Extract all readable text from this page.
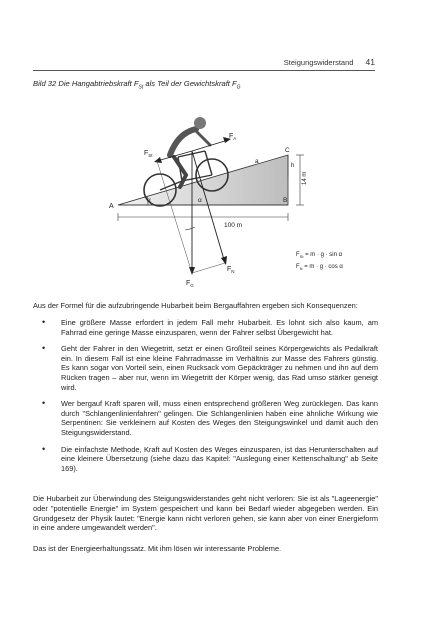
Steigungswiderstand 41
Bild 32 Die Hangabtriebskraft $F_{St}$ als Teil der Gewichtskraft $F_G$
A
B
C
α	α
a
h
14 m
100 m
$F_A$
$F_{St}$
$F_N$
$F_G$
$F_{St} = m \cdot g \cdot \sin \alpha$
$F_N = m \cdot g \cdot \cos \alpha$

Aus der Formel für die aufzubringende Hubarbeit beim Bergauffahren ergeben sich Konsequenzen:

• Eine größere Masse erfordert in jedem Fall mehr Hubarbeit. Es lohnt sich also kaum, am Fahrrad eine geringe Masse einzusparen, wenn der Fahrer selbst Übergewicht hat.
• Geht der Fahrer in den Wiegetritt, setzt er einen Großteil seines Körpergewichts als Pedalkraft ein. In diesem Fall ist eine kleine Fahrradmasse im Verhältnis zur Masse des Fahrers günstig. Es kann sogar von Vorteil sein, einen Rucksack vom Gepäckträger zu nehmen und ihn auf dem Rücken tragen – aber nur, wenn im Wiegetritt der Körper wenig, das Rad umso stärker geneigt wird.
• Wer bergauf Kraft sparen will, muss einen entsprechend größeren Weg zurücklegen. Das kann durch "Schlangenlinienfahren" gelingen. Die Schlangenlinien haben eine ähnliche Wirkung wie Serpentinen: Sie verkleinern auf Kosten des Weges den Steigungswinkel und damit auch den Steigungswiderstand.
• Die einfachste Methode, Kraft auf Kosten des Weges einzusparen, ist das Herunterschalten auf eine kleinere Übersetzung (siehe dazu das Kapitel: "Auslegung einer Kettenschaltung" ab Seite 169).

Die Hubarbeit zur Überwindung des Steigungswiderstandes geht nicht verloren: Sie ist als "Lageenergie" oder "potentielle Energie" im System gespeichert und kann bei Bedarf wieder abgegeben werden. Ein Grundgesetz der Physik lautet: "Energie kann nicht verloren gehen, sie kann aber von einer Energieform in eine andere umgewandelt werden".

Das ist der Energieerhaltungssatz. Mit ihm lösen wir interessante Probleme.
